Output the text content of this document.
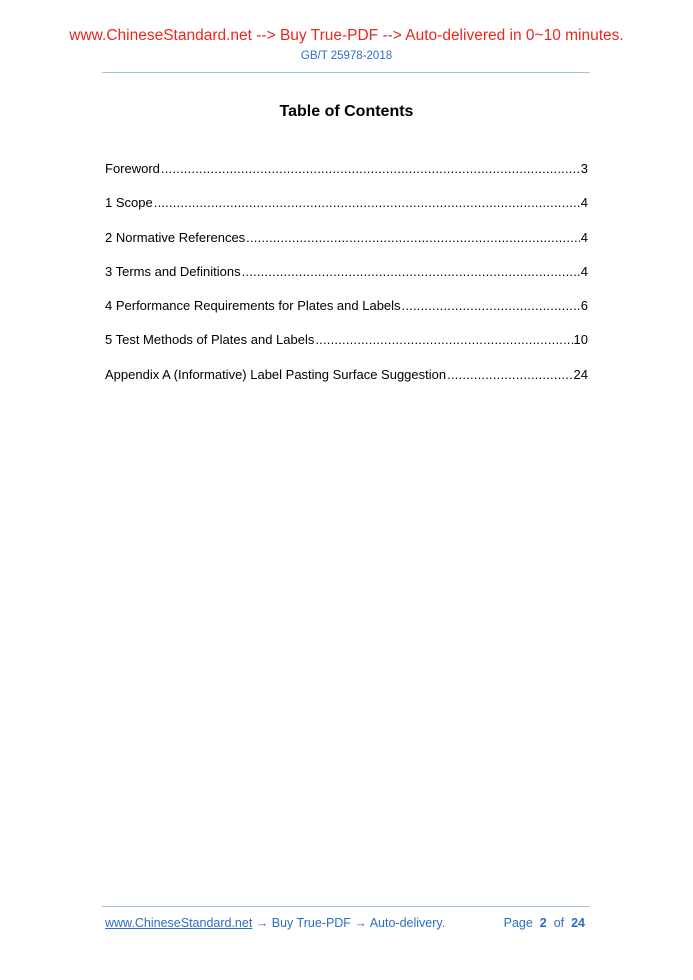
www.ChineseStandard.net --> Buy True-PDF --> Auto-delivered in 0~10 minutes.
GB/T 25978-2018
Table of Contents
Foreword .....	3
1 Scope .....	4
2 Normative References .....	4
3 Terms and Definitions .....	4
4 Performance Requirements for Plates and Labels .....	6
5 Test Methods of Plates and Labels .....	10
Appendix A (Informative) Label Pasting Surface Suggestion .....	24
www.ChineseStandard.net → Buy True-PDF → Auto-delivery.	Page 2 of 24
